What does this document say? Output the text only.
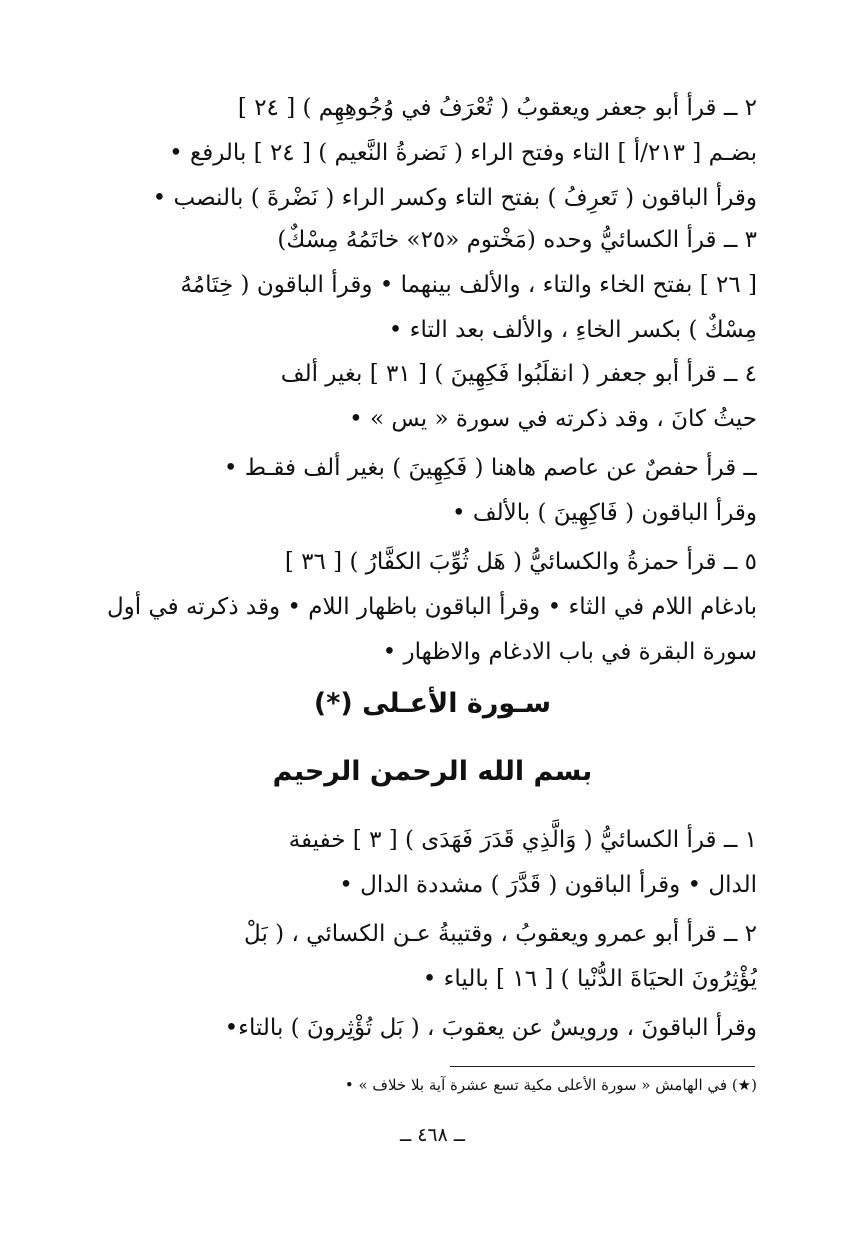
٢ ــ قرأ أبو جعفر ويعقوبُ ( تُعْرَفُ في وُجُوهِهِم ) [ ٢٤ ]
بضـم [ ٢١٣/أ ] التاء وفتح الراء ( نَضرةُ النَّعيم ) [ ٢٤ ] بالرفع •
وقرأ الباقون ( تَعرِفُ ) بفتح التاء وكسر الراء ( نَضْرةَ ) بالنصب •
٣ ــ قرأ الكسائيُّ وحده (مَخْتوم «٢٥» خاتَمُهُ مِسْكٌ)
[ ٢٦ ] بفتح الخاء والتاء ، والألف بينهما • وقرأ الباقون ( خِتَامُهُ
مِسْكٌ ) بكسر الخاءِ ، والألف بعد التاء •
٤ ــ قرأ أبو جعفر ( انقلَبُوا فَكِهِينَ ) [ ٣١ ] بغير ألف
حيثُ كانَ ، وقد ذكرته في سورة « يس » •
ــ قرأ حفصٌ عن عاصم هاهنا ( فَكِهِينَ ) بغير ألف فقـط •
وقرأ الباقون ( فَاكِهِينَ ) بالألف •
٥ ــ قرأ حمزةُ والكسائيُّ ( هَل ثُوِّبَ الكفَّارُ ) [ ٣٦ ]
بادغام اللام في الثاء • وقرأ الباقون باظهار اللام • وقد ذكرته في أول
سورة البقرة في باب الادغام والاظهار •
سـورة الأعـلى (*)
بسم الله الرحمن الرحيم
١ ــ قرأ الكسائيُّ ( وَالَّذِي قَدَرَ فَهَدَى ) [ ٣ ] خفيفة
الدال • وقرأ الباقون ( قَدَّرَ ) مشددة الدال •
٢ ــ قرأ أبو عمرو ويعقوبُ ، وقتيبةُ عـن الكسائي ، ( بَلْ
يُؤْثِرُونَ الحيَاةَ الدُّنْيا ) [ ١٦ ] بالياء •
وقرأ الباقونَ ، ورويسٌ عن يعقوبَ ، ( بَل تُؤْثِرونَ ) بالتاء•
(★) في الهامش « سورة الأعلى مكية تسع عشرة آية بلا خلاف » •
ــ ٤٦٨ ــ
